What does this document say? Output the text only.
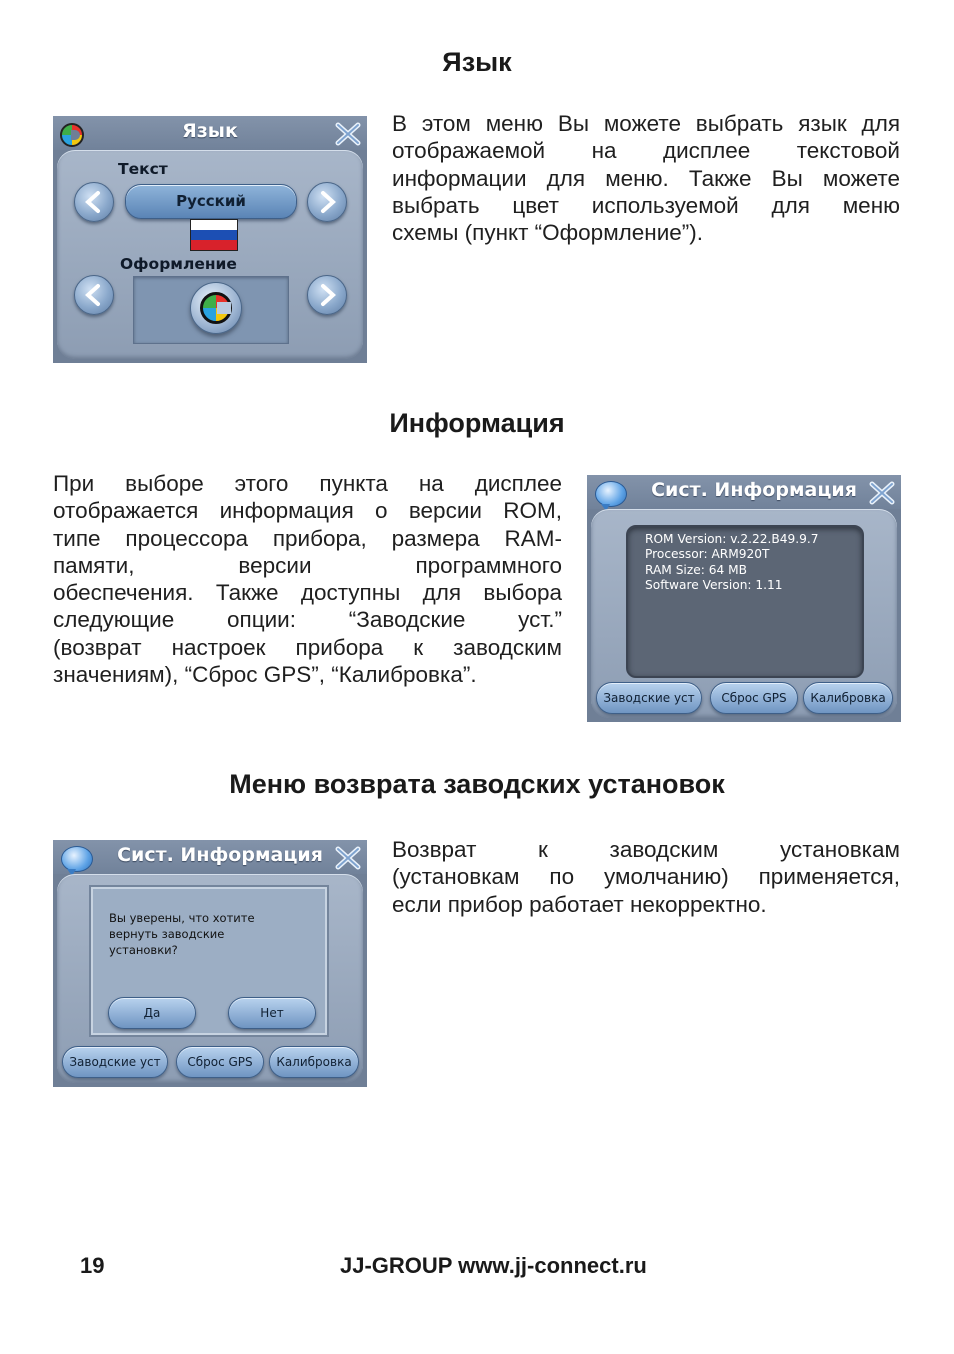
Язык
Язык
Текст
Русский
Оформление
В этом меню Вы можете выбрать язык для
отображаемой на дисплее текстовой
информации для меню. Также Вы можете
выбрать цвет используемой для меню
схемы (пункт “Оформление”).
Информация
При выборе этого пункта на дисплее
отображается информация о версии ROM,
типе процессора прибора, размера RAM-
памяти, версии программного
обеспечения. Также доступны для выбора
следующие опции: “Заводские уст.”
(возврат настроек прибора к заводским
значениям), “Сброс GPS”, “Калибровка”.
Сист. Информация
ROM Version: v.2.22.B49.9.7
Processor: ARM920T
RAM Size: 64 MB
Software Version: 1.11
Заводские уст	Сброс GPS	Калибровка
Меню возврата заводских установок
Сист. Информация
Вы уверены, что хотите
вернуть заводские
установки?
Да	Нет
Заводские уст	Сброс GPS	Калибровка
Возврат к заводским установкам
(установкам по умолчанию) применяется,
если прибор работает некорректно.
19	JJ-GROUP www.jj-connect.ru
